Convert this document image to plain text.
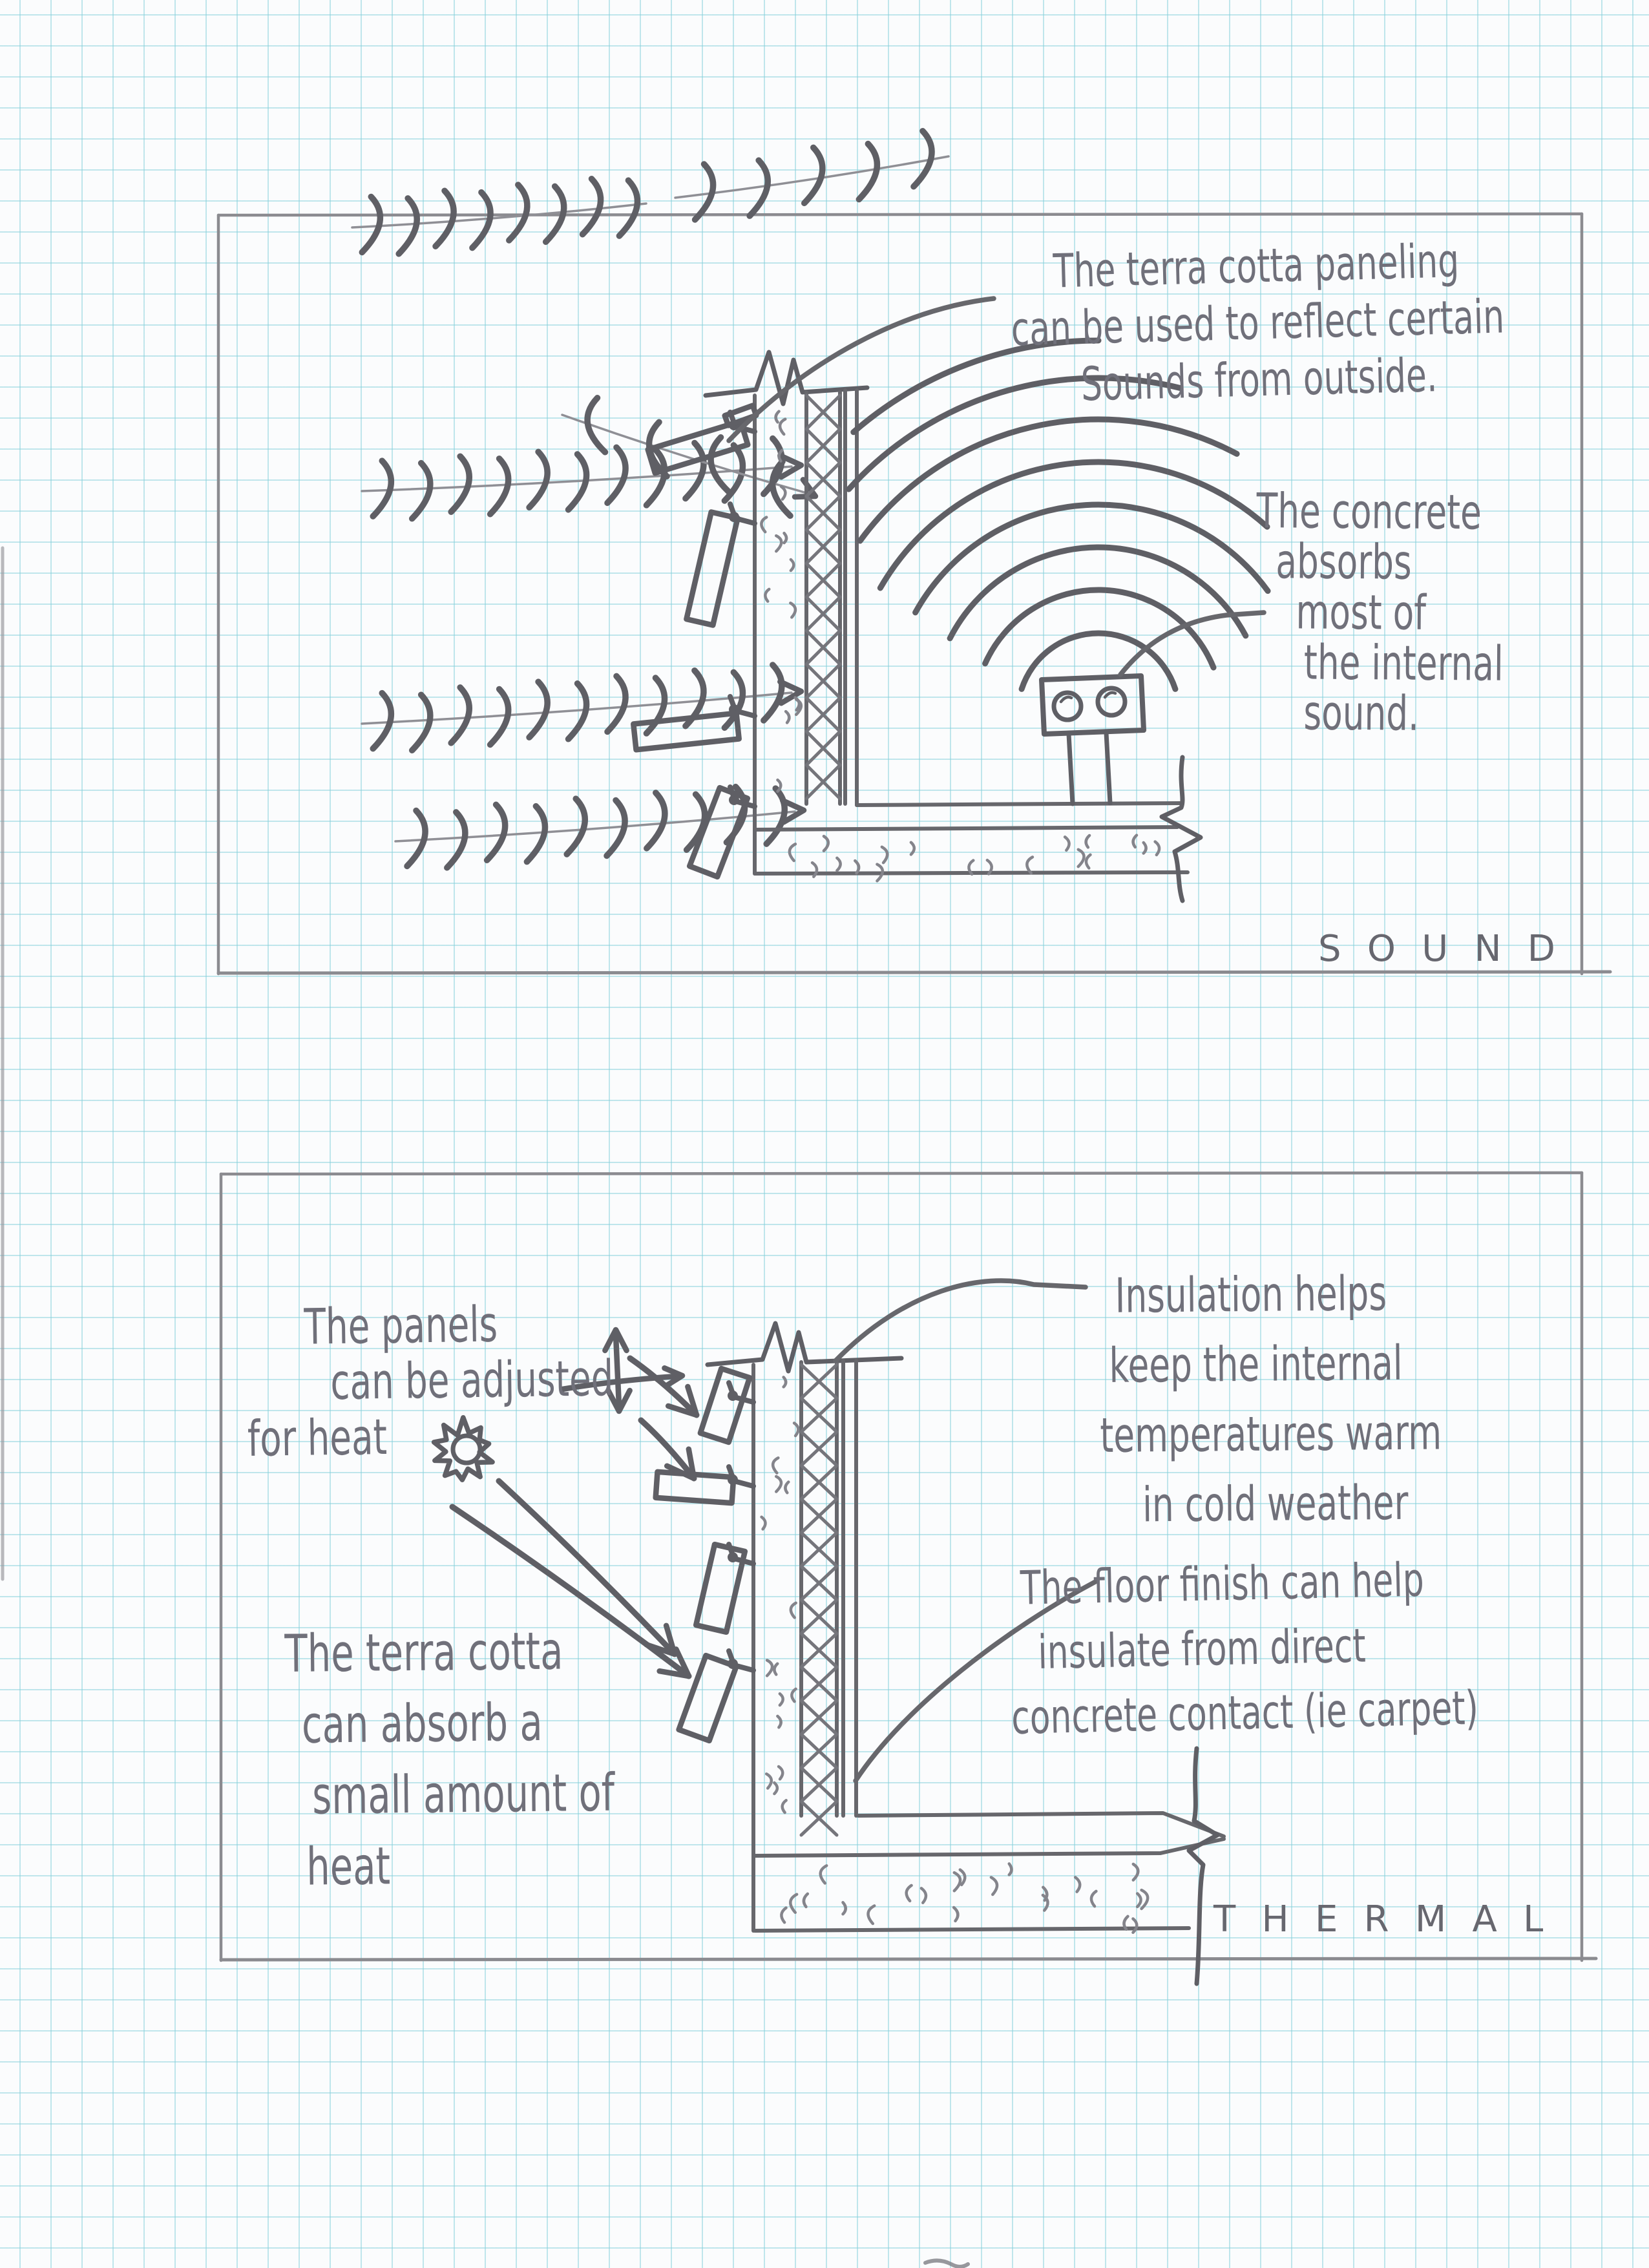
The terra cotta paneling
can be used to reflect certain
Sounds from outside.
The concrete
absorbs
most of
the internal
sound.
SOUND
The panels
can be adjusted
for heat
Insulation helps
keep the internal
temperatures warm
in cold weather
The terra cotta
can absorb a
small amount of
heat
The floor finish can help
insulate from direct
concrete contact (ie carpet)
THERMAL
